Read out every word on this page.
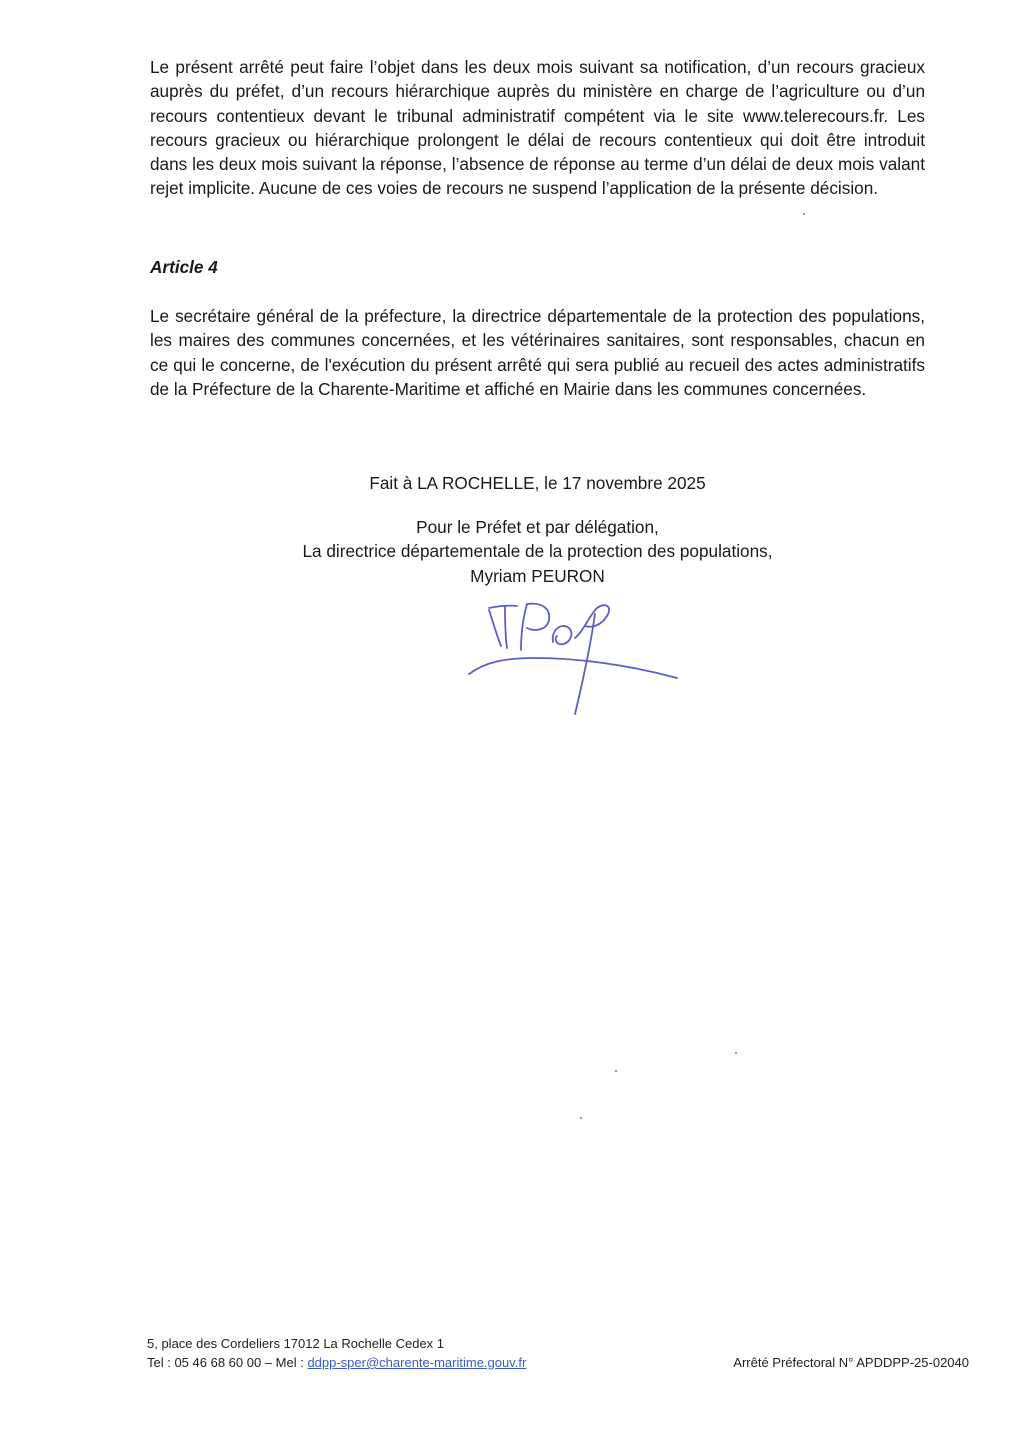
Le présent arrêté peut faire l’objet dans les deux mois suivant sa notification, d’un recours gracieux auprès du préfet, d’un recours hiérarchique auprès du ministère en charge de l’agriculture ou d’un recours contentieux devant le tribunal administratif compétent via le site www.telerecours.fr. Les recours gracieux ou hiérarchique prolongent le délai de recours contentieux qui doit être introduit dans les deux mois suivant la réponse, l’absence de réponse au terme d’un délai de deux mois valant rejet implicite. Aucune de ces voies de recours ne suspend l’application de la présente décision.

Article 4

Le secrétaire général de la préfecture, la directrice départementale de la protection des populations, les maires des communes concernées, et les vétérinaires sanitaires, sont responsables, chacun en ce qui le concerne, de l'exécution du présent arrêté qui sera publié au recueil des actes administratifs de la Préfecture de la Charente-Maritime et affiché en Mairie dans les communes concernées.

Fait à LA ROCHELLE, le 17 novembre 2025

Pour le Préfet et par délégation,
La directrice départementale de la protection des populations,
Myriam PEURON
5, place des Cordeliers 17012 La Rochelle Cedex 1
Tel : 05 46 68 60 00 – Mel : ddpp-sper@charente-maritime.gouv.fr	Arrêté Préfectoral N° APDDPP-25-02040
